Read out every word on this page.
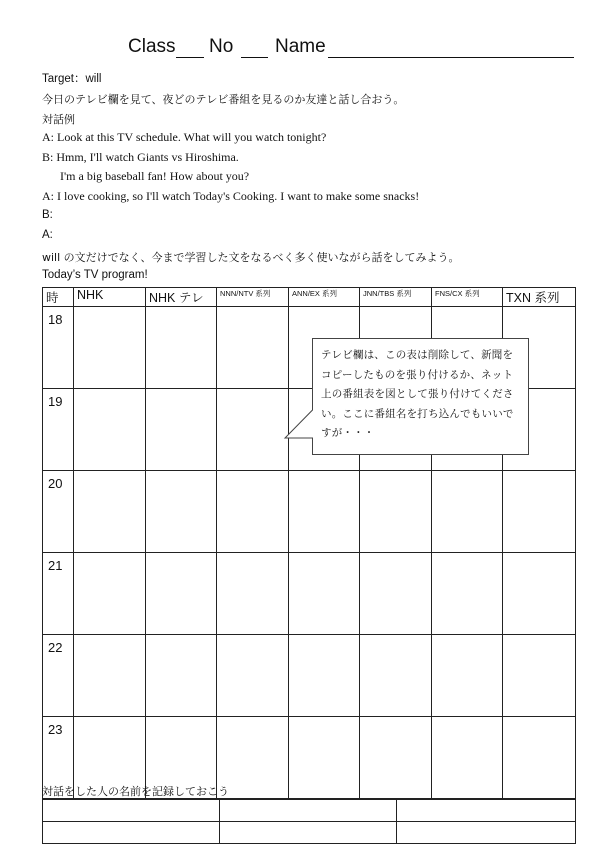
Class No Name
Target：will
今日のテレビ欄を見て、夜どのテレビ番組を見るのか友達と話し合おう。
対話例
A: Look at this TV schedule. What will you watch tonight?
B: Hmm, I'll watch Giants vs Hiroshima.
I'm a big baseball fan! How about you?
A: I love cooking, so I'll watch Today's Cooking. I want to make some snacks!
B:
A:
will の文だけでなく、今まで学習した文をなるべく多く使いながら話をしてみよう。
Today’s TV program!
時	NHK	NHK テレ	NNN/NTV 系列	ANN/EX 系列	JNN/TBS 系列	FNS/CX 系列	TXN 系列
18							
19							
20							
21							
22							
23							
テレビ欄は、この表は削除して、新聞をコピーしたものを張り付けるか、ネット上の番組表を図として張り付けてください。ここに番組名を打ち込んでもいいですが・・・
対話をした人の名前を記録しておこう
